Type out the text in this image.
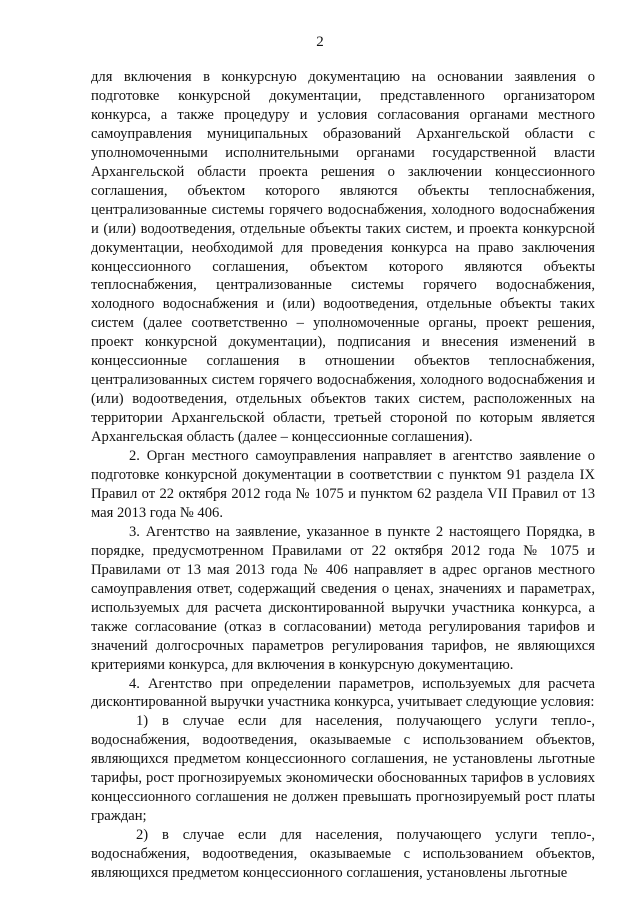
2

для включения в конкурсную документацию на основании заявления о подготовке конкурсной документации, представленного организатором конкурса, а также процедуру и условия согласования органами местного самоуправления муниципальных образований Архангельской области с уполномоченными исполнительными органами государственной власти Архангельской области проекта решения о заключении концессионного соглашения, объектом которого являются объекты теплоснабжения, централизованные системы горячего водоснабжения, холодного водоснабжения и (или) водоотведения, отдельные объекты таких систем, и проекта конкурсной документации, необходимой для проведения конкурса на право заключения концессионного соглашения, объектом которого являются объекты теплоснабжения, централизованные системы горячего водоснабжения, холодного водоснабжения и (или) водоотведения, отдельные объекты таких систем (далее соответственно – уполномоченные органы, проект решения, проект конкурсной документации), подписания и внесения изменений в концессионные соглашения в отношении объектов теплоснабжения, централизованных систем горячего водоснабжения, холодного водоснабжения и (или) водоотведения, отдельных объектов таких систем, расположенных на территории Архангельской области, третьей стороной по которым является Архангельская область (далее – концессионные соглашения).

2. Орган местного самоуправления направляет в агентство заявление о подготовке конкурсной документации в соответствии с пунктом 91 раздела IX Правил от 22 октября 2012 года № 1075 и пунктом 62 раздела VII Правил от 13 мая 2013 года № 406.

3. Агентство на заявление, указанное в пункте 2 настоящего Порядка, в порядке, предусмотренном Правилами от 22 октября 2012 года № 1075 и Правилами от 13 мая 2013 года № 406 направляет в адрес органов местного самоуправления ответ, содержащий сведения о ценах, значениях и параметрах, используемых для расчета дисконтированной выручки участника конкурса, а также согласование (отказ в согласовании) метода регулирования тарифов и значений долгосрочных параметров регулирования тарифов, не являющихся критериями конкурса, для включения в конкурсную документацию.

4. Агентство при определении параметров, используемых для расчета дисконтированной выручки участника конкурса, учитывает следующие условия:

1) в случае если для населения, получающего услуги тепло-, водоснабжения, водоотведения, оказываемые с использованием объектов, являющихся предметом концессионного соглашения, не установлены льготные тарифы, рост прогнозируемых экономически обоснованных тарифов в условиях концессионного соглашения не должен превышать прогнозируемый рост платы граждан;

2) в случае если для населения, получающего услуги тепло-, водоснабжения, водоотведения, оказываемые с использованием объектов, являющихся предметом концессионного соглашения, установлены льготные
